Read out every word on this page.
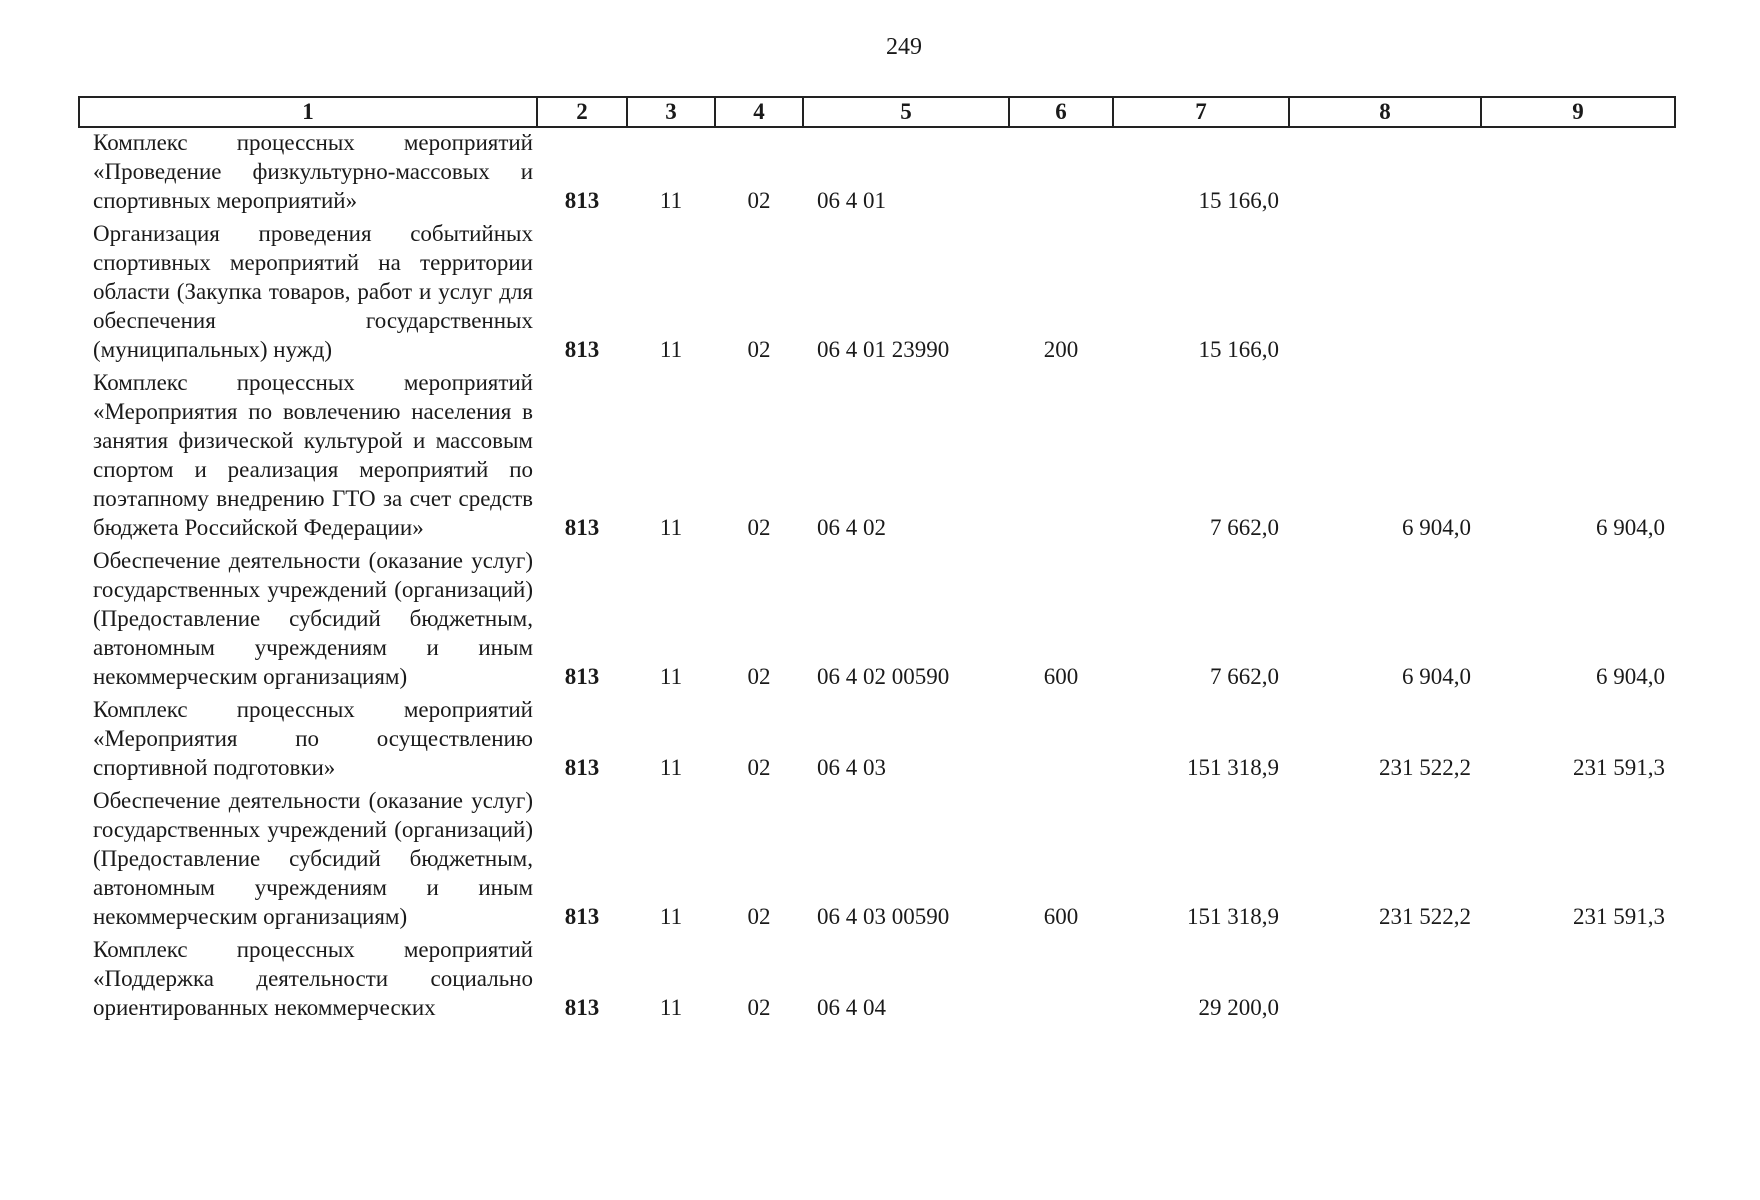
249
1	2	3	4	5	6	7	8	9
Комплекс процессных мероприятий «Проведение физкультурно-массовых и спортивных мероприятий»	813	11	02	06 4 01		15 166,0		
Организация проведения событийных спортивных мероприятий на территории области (Закупка товаров, работ и услуг для обеспечения государственных (муниципальных) нужд)	813	11	02	06 4 01 23990	200	15 166,0		
Комплекс процессных мероприятий «Мероприятия по вовлечению населения в занятия физической культурой и массовым спортом и реализация мероприятий по поэтапному внедрению ГТО за счет средств бюджета Российской Федерации»	813	11	02	06 4 02		7 662,0	6 904,0	6 904,0
Обеспечение деятельности (оказание услуг) государственных учреждений (организаций) (Предоставление субсидий бюджетным, автономным учреждениям и иным некоммерческим организациям)	813	11	02	06 4 02 00590	600	7 662,0	6 904,0	6 904,0
Комплекс процессных мероприятий «Мероприятия по осуществлению спортивной подготовки»	813	11	02	06 4 03		151 318,9	231 522,2	231 591,3
Обеспечение деятельности (оказание услуг) государственных учреждений (организаций) (Предоставление субсидий бюджетным, автономным учреждениям и иным некоммерческим организациям)	813	11	02	06 4 03 00590	600	151 318,9	231 522,2	231 591,3
Комплекс процессных мероприятий «Поддержка деятельности социально ориентированных некоммерческих	813	11	02	06 4 04		29 200,0		
